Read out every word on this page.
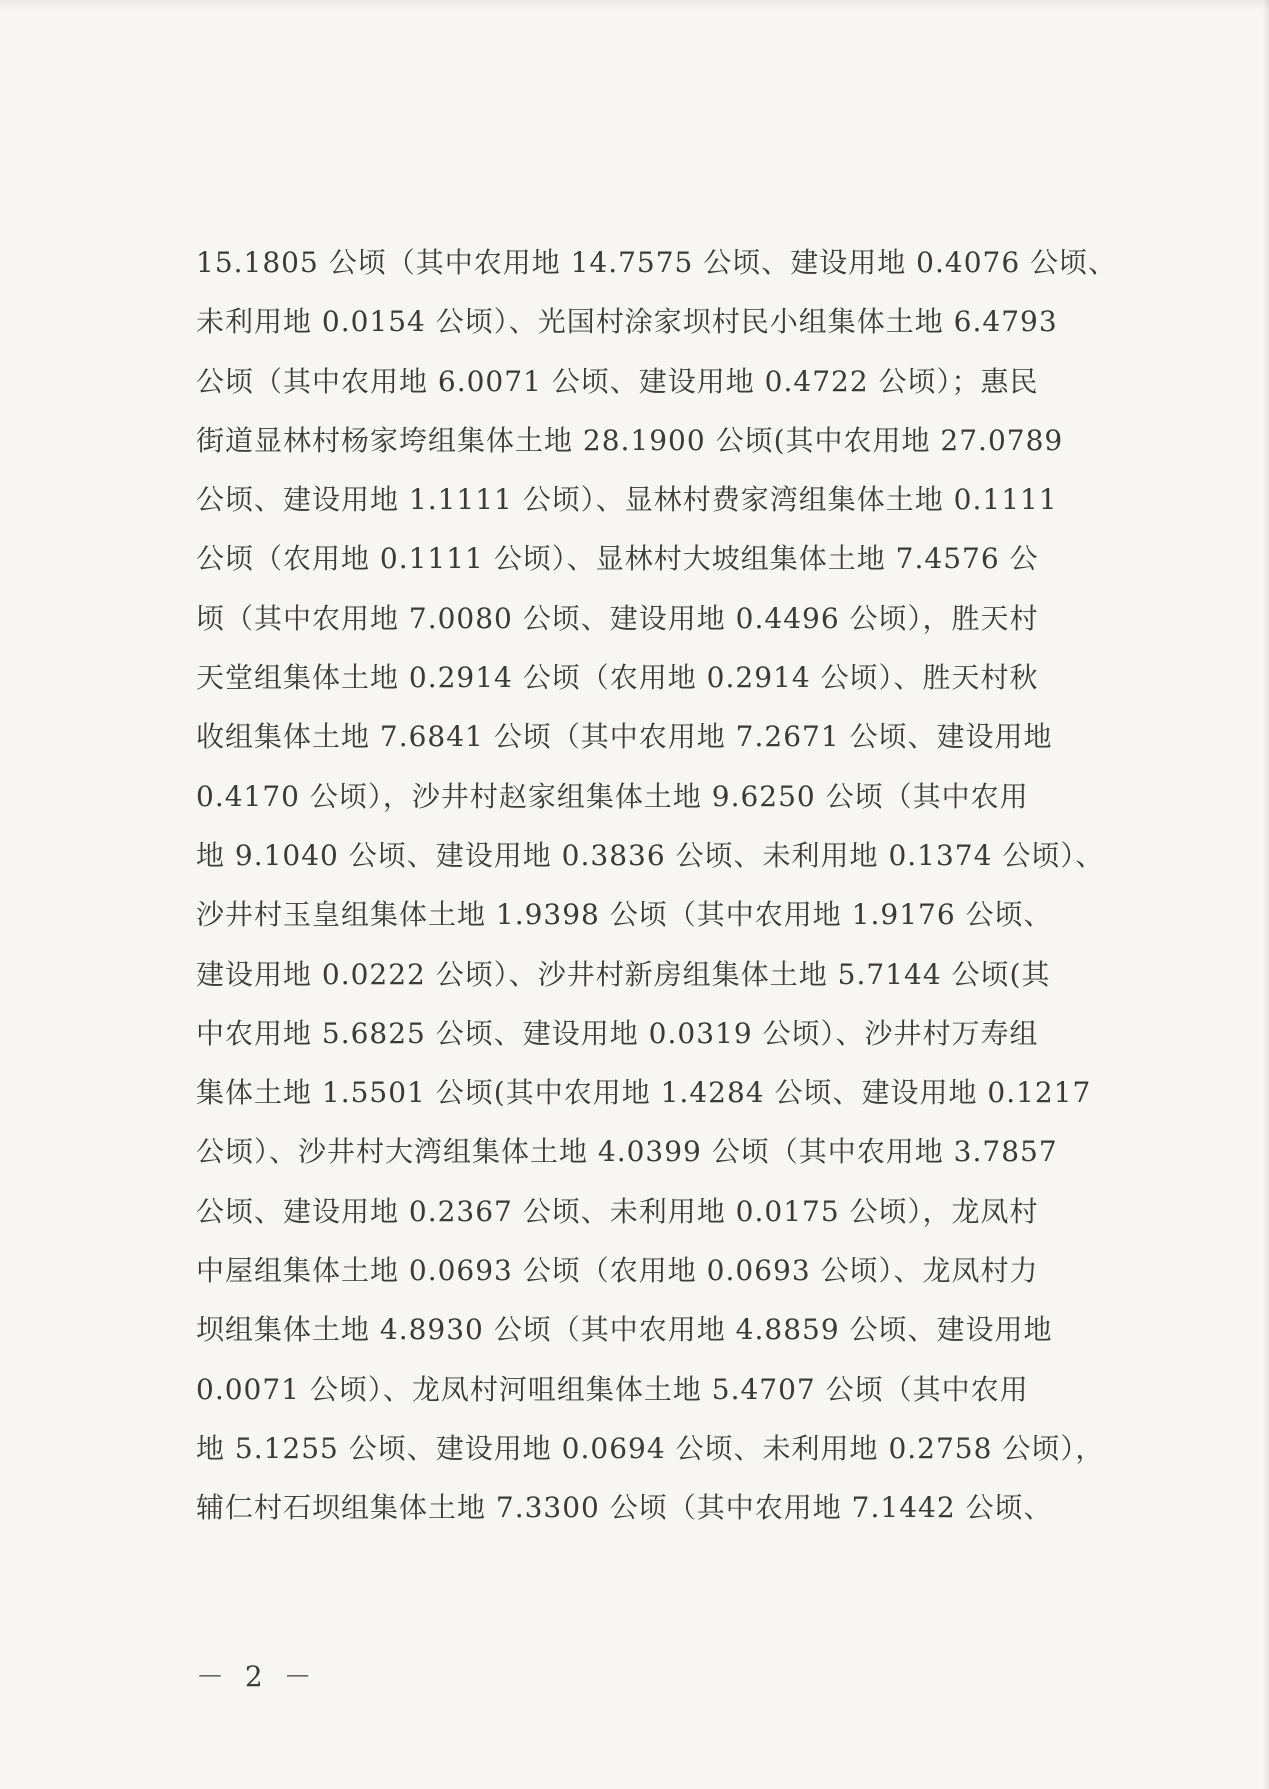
15.1805 公顷（其中农用地 14.7575 公顷、建设用地 0.4076 公顷、
未利用地 0.0154 公顷）、光国村涂家坝村民小组集体土地 6.4793
公顷（其中农用地 6.0071 公顷、建设用地 0.4722 公顷）；惠民
街道显林村杨家垮组集体土地 28.1900 公顷(其中农用地 27.0789
公顷、建设用地 1.1111 公顷）、显林村费家湾组集体土地 0.1111
公顷（农用地 0.1111 公顷）、显林村大坡组集体土地 7.4576 公
顷（其中农用地 7.0080 公顷、建设用地 0.4496 公顷），胜天村
天堂组集体土地 0.2914 公顷（农用地 0.2914 公顷）、胜天村秋
收组集体土地 7.6841 公顷（其中农用地 7.2671 公顷、建设用地
0.4170 公顷），沙井村赵家组集体土地 9.6250 公顷（其中农用
地 9.1040 公顷、建设用地 0.3836 公顷、未利用地 0.1374 公顷）、
沙井村玉皇组集体土地 1.9398 公顷（其中农用地 1.9176 公顷、
建设用地 0.0222 公顷）、沙井村新房组集体土地 5.7144 公顷(其
中农用地 5.6825 公顷、建设用地 0.0319 公顷）、沙井村万寿组
集体土地 1.5501 公顷(其中农用地 1.4284 公顷、建设用地 0.1217
公顷）、沙井村大湾组集体土地 4.0399 公顷（其中农用地 3.7857
公顷、建设用地 0.2367 公顷、未利用地 0.0175 公顷），龙凤村
中屋组集体土地 0.0693 公顷（农用地 0.0693 公顷）、龙凤村力
坝组集体土地 4.8930 公顷（其中农用地 4.8859 公顷、建设用地
0.0071 公顷）、龙凤村河咀组集体土地 5.4707 公顷（其中农用
地 5.1255 公顷、建设用地 0.0694 公顷、未利用地 0.2758 公顷），
辅仁村石坝组集体土地 7.3300 公顷（其中农用地 7.1442 公顷、
－ 2 －
